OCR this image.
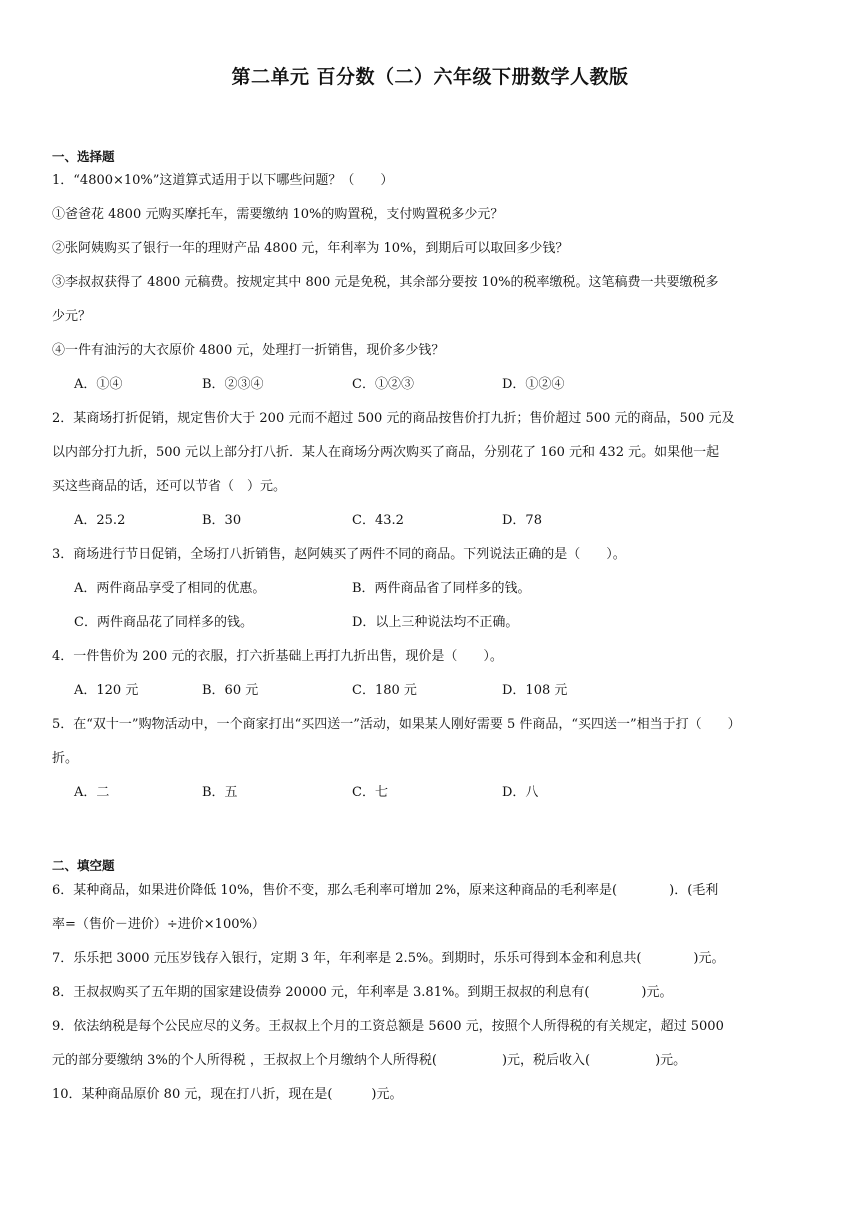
第二单元 百分数（二）六年级下册数学人教版
一、选择题
1．“4800×10%”这道算式适用于以下哪些问题？（　　）
①爸爸花 4800 元购买摩托车，需要缴纳 10%的购置税，支付购置税多少元？
②张阿姨购买了银行一年的理财产品 4800 元，年利率为 10%，到期后可以取回多少钱？
③李叔叔获得了 4800 元稿费。按规定其中 800 元是免税，其余部分要按 10%的税率缴税。这笔稿费一共要缴税多
少元？
④一件有油污的大衣原价 4800 元，处理打一折销售，现价多少钱？
A．①④	B．②③④	C．①②③	D．①②④
2．某商场打折促销，规定售价大于 200 元而不超过 500 元的商品按售价打九折；售价超过 500 元的商品，500 元及
以内部分打九折，500 元以上部分打八折．某人在商场分两次购买了商品，分别花了 160 元和 432 元。如果他一起
买这些商品的话，还可以节省（　）元。
A．25.2	B．30	C．43.2	D．78
3．商场进行节日促销，全场打八折销售，赵阿姨买了两件不同的商品。下列说法正确的是（　　）。
A．两件商品享受了相同的优惠。	B．两件商品省了同样多的钱。
C．两件商品花了同样多的钱。	D．以上三种说法均不正确。
4．一件售价为 200 元的衣服，打六折基础上再打九折出售，现价是（　　）。
A．120 元	B．60 元	C．180 元	D．108 元
5．在“双十一”购物活动中，一个商家打出“买四送一”活动，如果某人刚好需要 5 件商品，“买四送一”相当于打（　　）
折。
A．二	B．五	C．七	D．八
二、填空题
6．某种商品，如果进价降低 10%，售价不变，那么毛利率可增加 2%，原来这种商品的毛利率是(　　　　)．(毛利
率=（售价－进价）÷进价×100%）
7．乐乐把 3000 元压岁钱存入银行，定期 3 年，年利率是 2.5%。到期时，乐乐可得到本金和利息共(　　　　)元。
8．王叔叔购买了五年期的国家建设债券 20000 元，年利率是 3.81%。到期王叔叔的利息有(　　　　)元。
9．依法纳税是每个公民应尽的义务。王叔叔上个月的工资总额是 5600 元，按照个人所得税的有关规定，超过 5000
元的部分要缴纳 3%的个人所得税 ，王叔叔上个月缴纳个人所得税(　　　　　)元，税后收入(　　　　　)元。
10．某种商品原价 80 元，现在打八折，现在是(　　　)元。
